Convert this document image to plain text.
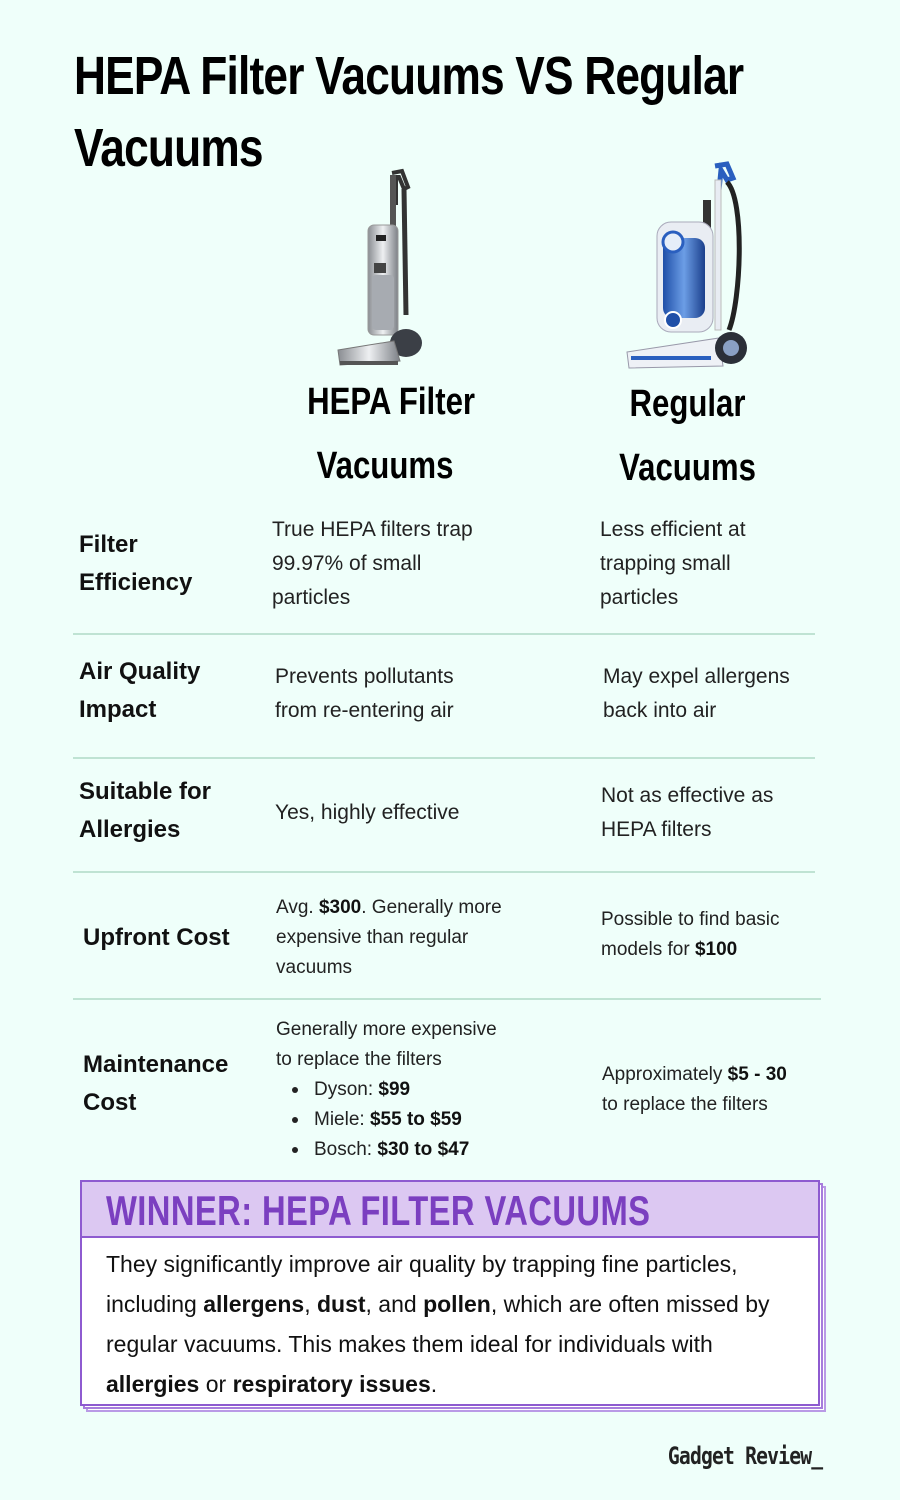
HEPA Filter Vacuums VS Regular Vacuums
HEPA Filter
Vacuums
Regular
Vacuums
Filter
Efficiency
True HEPA filters trap
99.97% of small
particles
Less efficient at
trapping small
particles
Air Quality
Impact
Prevents pollutants
from re-entering air
May expel allergens
back into air
Suitable for
Allergies
Yes, highly effective
Not as effective as
HEPA filters
Upfront Cost
Avg. $300. Generally more
expensive than regular
vacuums
Possible to find basic
models for $100
Maintenance
Cost
Generally more expensive
to replace the filters
Dyson: $99
Miele: $55 to $59
Bosch: $30 to $47
Approximately $5 - 30
to replace the filters
WINNER: HEPA FILTER VACUUMS
They significantly improve air quality by trapping fine particles, including allergens, dust, and pollen, which are often missed by regular vacuums. This makes them ideal for individuals with allergies or respiratory issues.
Gadget Review_
